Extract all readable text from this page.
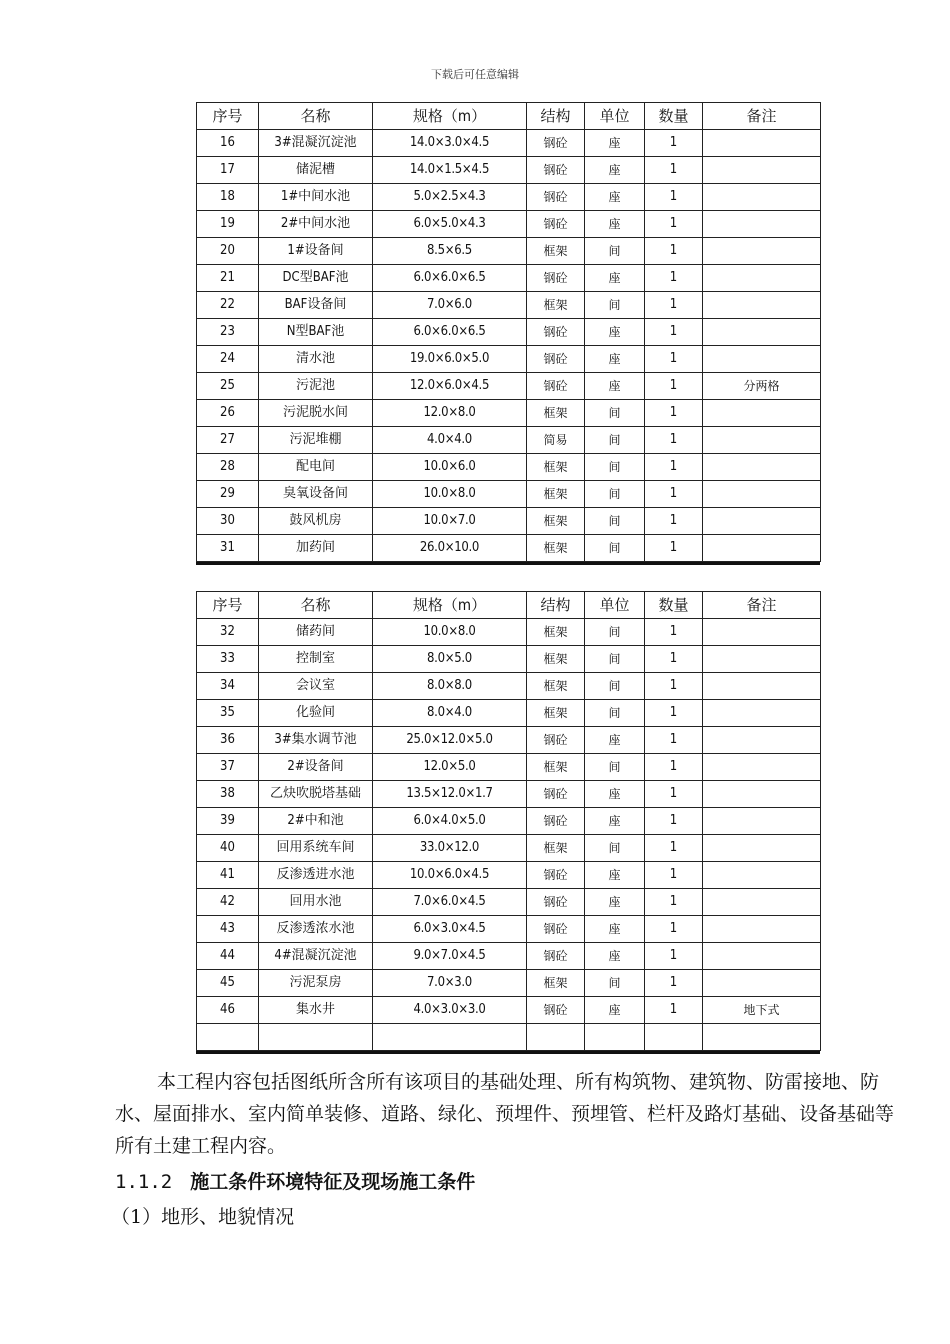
下载后可任意编辑
序号	名称	规格（m）	结构	单位	数量	备注
16	3#混凝沉淀池	14.0×3.0×4.5	钢砼	座	1	
17	储泥槽	14.0×1.5×4.5	钢砼	座	1	
18	1#中间水池	5.0×2.5×4.3	钢砼	座	1	
19	2#中间水池	6.0×5.0×4.3	钢砼	座	1	
20	1#设备间	8.5×6.5	框架	间	1	
21	DC型BAF池	6.0×6.0×6.5	钢砼	座	1	
22	BAF设备间	7.0×6.0	框架	间	1	
23	N型BAF池	6.0×6.0×6.5	钢砼	座	1	
24	清水池	19.0×6.0×5.0	钢砼	座	1	
25	污泥池	12.0×6.0×4.5	钢砼	座	1	分两格
26	污泥脱水间	12.0×8.0	框架	间	1	
27	污泥堆棚	4.0×4.0	简易	间	1	
28	配电间	10.0×6.0	框架	间	1	
29	臭氧设备间	10.0×8.0	框架	间	1	
30	鼓风机房	10.0×7.0	框架	间	1	
31	加药间	26.0×10.0	框架	间	1	
序号	名称	规格（m）	结构	单位	数量	备注
32	储药间	10.0×8.0	框架	间	1	
33	控制室	8.0×5.0	框架	间	1	
34	会议室	8.0×8.0	框架	间	1	
35	化验间	8.0×4.0	框架	间	1	
36	3#集水调节池	25.0×12.0×5.0	钢砼	座	1	
37	2#设备间	12.0×5.0	框架	间	1	
38	乙炔吹脱塔基础	13.5×12.0×1.7	钢砼	座	1	
39	2#中和池	6.0×4.0×5.0	钢砼	座	1	
40	回用系统车间	33.0×12.0	框架	间	1	
41	反渗透进水池	10.0×6.0×4.5	钢砼	座	1	
42	回用水池	7.0×6.0×4.5	钢砼	座	1	
43	反渗透浓水池	6.0×3.0×4.5	钢砼	座	1	
44	4#混凝沉淀池	9.0×7.0×4.5	钢砼	座	1	
45	污泥泵房	7.0×3.0	框架	间	1	
46	集水井	4.0×3.0×3.0	钢砼	座	1	地下式

本工程内容包括图纸所含所有该项目的基础处理、所有构筑物、建筑物、防雷接地、防水、屋面排水、室内简单装修、道路、绿化、预埋件、预埋管、栏杆及路灯基础、设备基础等所有土建工程内容。
1.1.2 施工条件环境特征及现场施工条件
（1）地形、地貌情况
